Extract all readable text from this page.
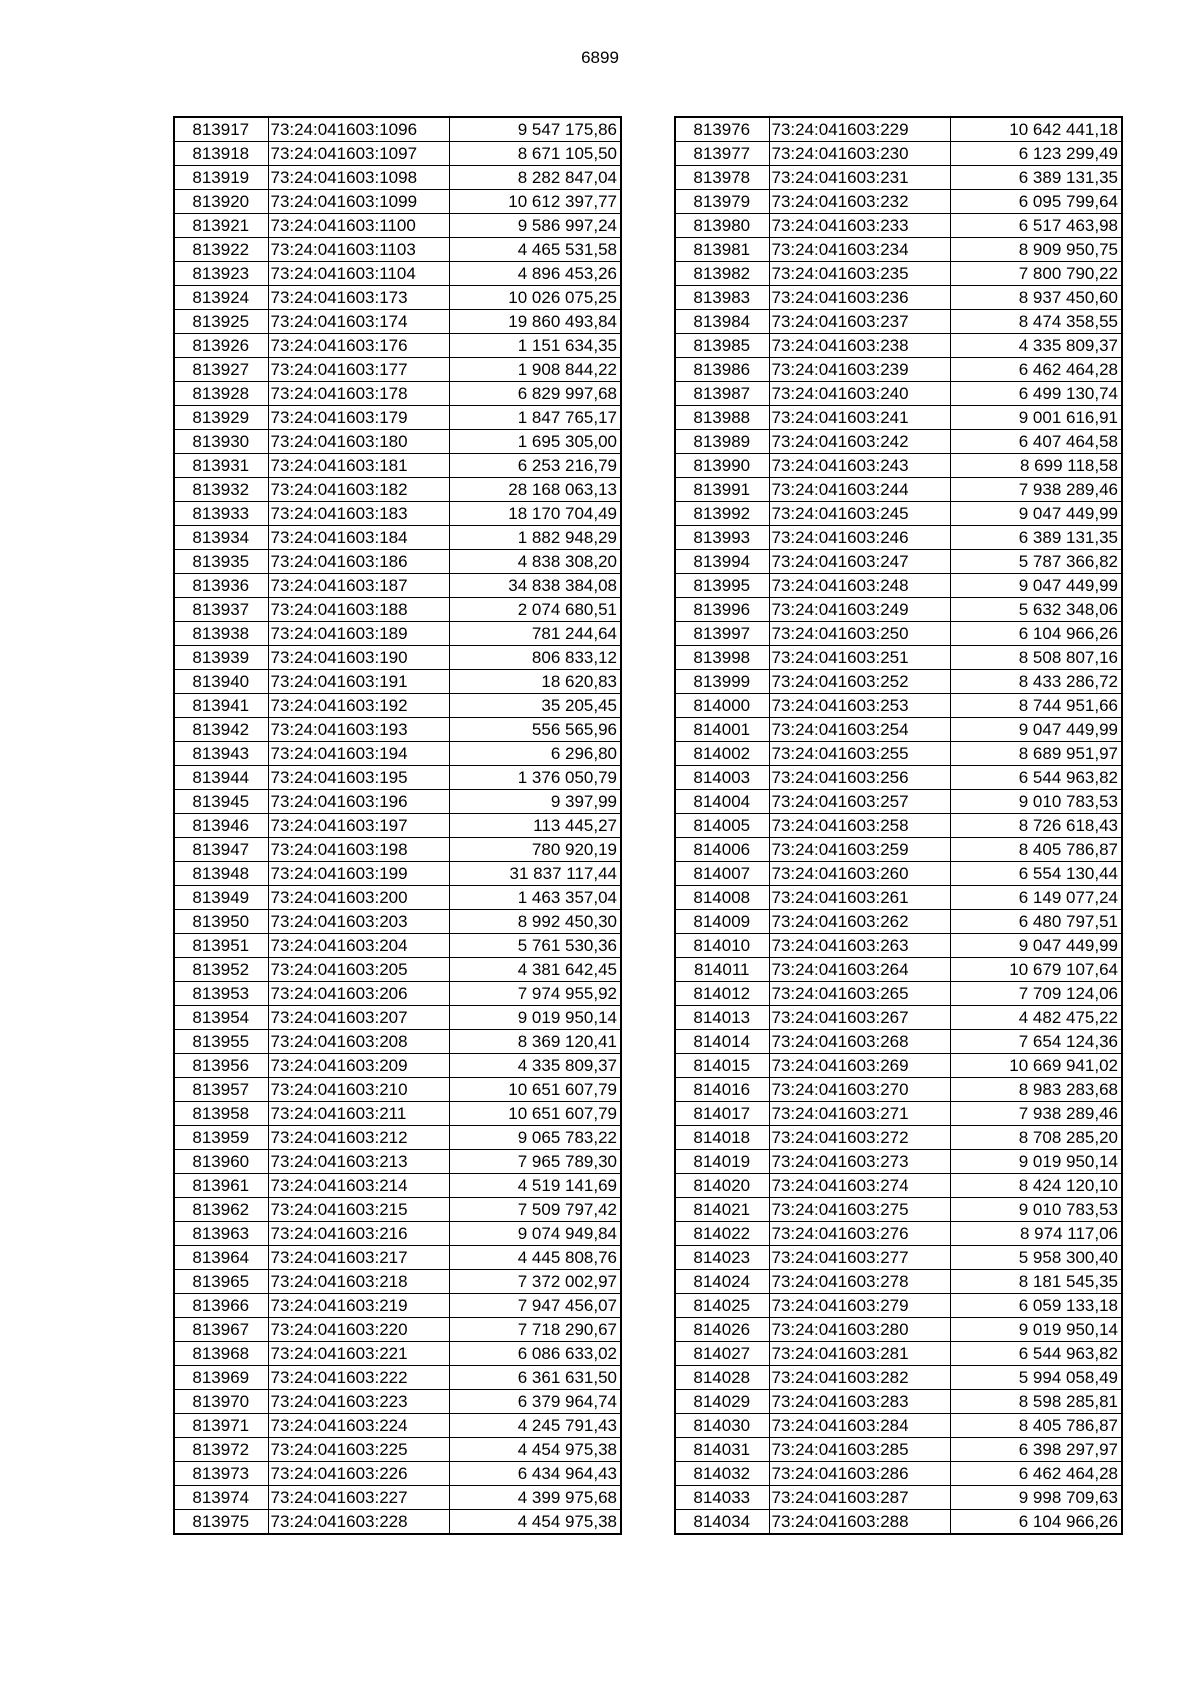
6899
813917	73:24:041603:1096	9 547 175,86
813918	73:24:041603:1097	8 671 105,50
813919	73:24:041603:1098	8 282 847,04
813920	73:24:041603:1099	10 612 397,77
813921	73:24:041603:1100	9 586 997,24
813922	73:24:041603:1103	4 465 531,58
813923	73:24:041603:1104	4 896 453,26
813924	73:24:041603:173	10 026 075,25
813925	73:24:041603:174	19 860 493,84
813926	73:24:041603:176	1 151 634,35
813927	73:24:041603:177	1 908 844,22
813928	73:24:041603:178	6 829 997,68
813929	73:24:041603:179	1 847 765,17
813930	73:24:041603:180	1 695 305,00
813931	73:24:041603:181	6 253 216,79
813932	73:24:041603:182	28 168 063,13
813933	73:24:041603:183	18 170 704,49
813934	73:24:041603:184	1 882 948,29
813935	73:24:041603:186	4 838 308,20
813936	73:24:041603:187	34 838 384,08
813937	73:24:041603:188	2 074 680,51
813938	73:24:041603:189	781 244,64
813939	73:24:041603:190	806 833,12
813940	73:24:041603:191	18 620,83
813941	73:24:041603:192	35 205,45
813942	73:24:041603:193	556 565,96
813943	73:24:041603:194	6 296,80
813944	73:24:041603:195	1 376 050,79
813945	73:24:041603:196	9 397,99
813946	73:24:041603:197	113 445,27
813947	73:24:041603:198	780 920,19
813948	73:24:041603:199	31 837 117,44
813949	73:24:041603:200	1 463 357,04
813950	73:24:041603:203	8 992 450,30
813951	73:24:041603:204	5 761 530,36
813952	73:24:041603:205	4 381 642,45
813953	73:24:041603:206	7 974 955,92
813954	73:24:041603:207	9 019 950,14
813955	73:24:041603:208	8 369 120,41
813956	73:24:041603:209	4 335 809,37
813957	73:24:041603:210	10 651 607,79
813958	73:24:041603:211	10 651 607,79
813959	73:24:041603:212	9 065 783,22
813960	73:24:041603:213	7 965 789,30
813961	73:24:041603:214	4 519 141,69
813962	73:24:041603:215	7 509 797,42
813963	73:24:041603:216	9 074 949,84
813964	73:24:041603:217	4 445 808,76
813965	73:24:041603:218	7 372 002,97
813966	73:24:041603:219	7 947 456,07
813967	73:24:041603:220	7 718 290,67
813968	73:24:041603:221	6 086 633,02
813969	73:24:041603:222	6 361 631,50
813970	73:24:041603:223	6 379 964,74
813971	73:24:041603:224	4 245 791,43
813972	73:24:041603:225	4 454 975,38
813973	73:24:041603:226	6 434 964,43
813974	73:24:041603:227	4 399 975,68
813975	73:24:041603:228	4 454 975,38
813976	73:24:041603:229	10 642 441,18
813977	73:24:041603:230	6 123 299,49
813978	73:24:041603:231	6 389 131,35
813979	73:24:041603:232	6 095 799,64
813980	73:24:041603:233	6 517 463,98
813981	73:24:041603:234	8 909 950,75
813982	73:24:041603:235	7 800 790,22
813983	73:24:041603:236	8 937 450,60
813984	73:24:041603:237	8 474 358,55
813985	73:24:041603:238	4 335 809,37
813986	73:24:041603:239	6 462 464,28
813987	73:24:041603:240	6 499 130,74
813988	73:24:041603:241	9 001 616,91
813989	73:24:041603:242	6 407 464,58
813990	73:24:041603:243	8 699 118,58
813991	73:24:041603:244	7 938 289,46
813992	73:24:041603:245	9 047 449,99
813993	73:24:041603:246	6 389 131,35
813994	73:24:041603:247	5 787 366,82
813995	73:24:041603:248	9 047 449,99
813996	73:24:041603:249	5 632 348,06
813997	73:24:041603:250	6 104 966,26
813998	73:24:041603:251	8 508 807,16
813999	73:24:041603:252	8 433 286,72
814000	73:24:041603:253	8 744 951,66
814001	73:24:041603:254	9 047 449,99
814002	73:24:041603:255	8 689 951,97
814003	73:24:041603:256	6 544 963,82
814004	73:24:041603:257	9 010 783,53
814005	73:24:041603:258	8 726 618,43
814006	73:24:041603:259	8 405 786,87
814007	73:24:041603:260	6 554 130,44
814008	73:24:041603:261	6 149 077,24
814009	73:24:041603:262	6 480 797,51
814010	73:24:041603:263	9 047 449,99
814011	73:24:041603:264	10 679 107,64
814012	73:24:041603:265	7 709 124,06
814013	73:24:041603:267	4 482 475,22
814014	73:24:041603:268	7 654 124,36
814015	73:24:041603:269	10 669 941,02
814016	73:24:041603:270	8 983 283,68
814017	73:24:041603:271	7 938 289,46
814018	73:24:041603:272	8 708 285,20
814019	73:24:041603:273	9 019 950,14
814020	73:24:041603:274	8 424 120,10
814021	73:24:041603:275	9 010 783,53
814022	73:24:041603:276	8 974 117,06
814023	73:24:041603:277	5 958 300,40
814024	73:24:041603:278	8 181 545,35
814025	73:24:041603:279	6 059 133,18
814026	73:24:041603:280	9 019 950,14
814027	73:24:041603:281	6 544 963,82
814028	73:24:041603:282	5 994 058,49
814029	73:24:041603:283	8 598 285,81
814030	73:24:041603:284	8 405 786,87
814031	73:24:041603:285	6 398 297,97
814032	73:24:041603:286	6 462 464,28
814033	73:24:041603:287	9 998 709,63
814034	73:24:041603:288	6 104 966,26
